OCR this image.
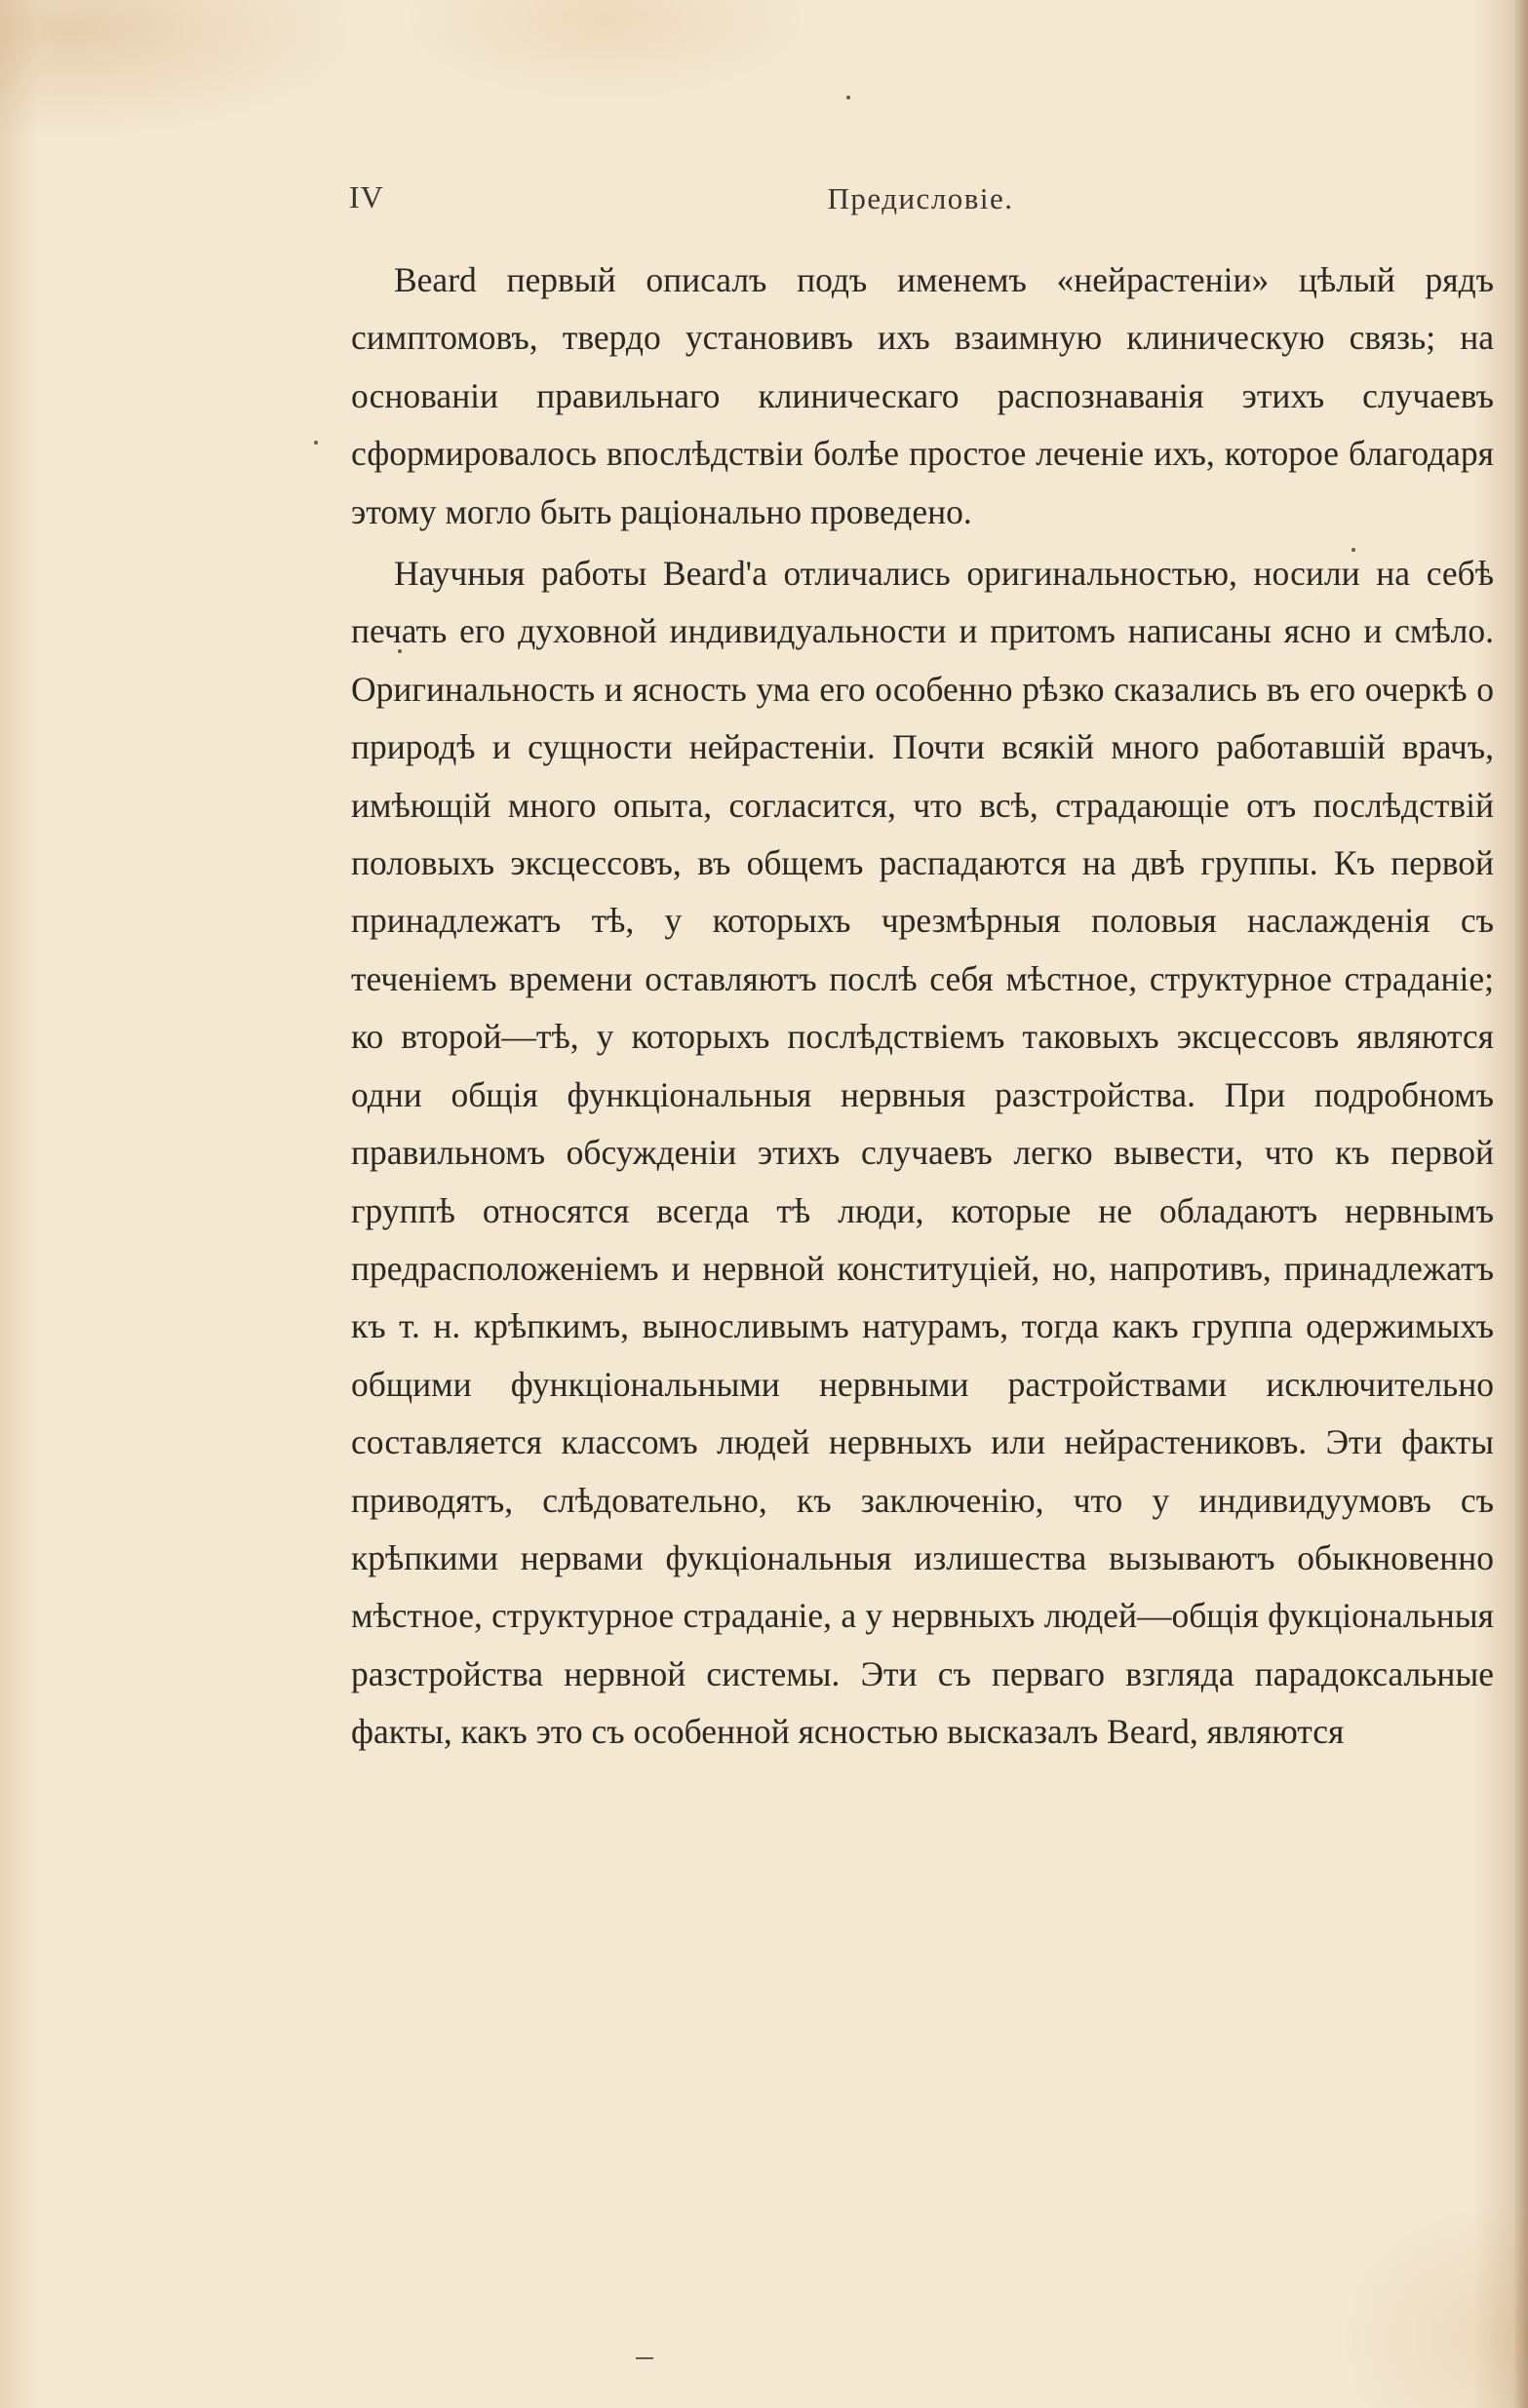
IV	Предисловіе.

Beard первый описалъ подъ именемъ «нейрастеніи» цѣлый рядъ симптомовъ, твердо установивъ ихъ взаимную клиническую связь; на основаніи правильнаго клиническаго распознаванія этихъ случаевъ сформировалось впослѣдствіи болѣе простое леченіе ихъ, которое благодаря этому могло быть раціонально проведено.

Научныя работы Beard'а отличались оригинальностью, носили на себѣ печать его духовной индивидуальности и притомъ написаны ясно и смѣло. Оригинальность и ясность ума его особенно рѣзко сказались въ его очеркѣ о природѣ и сущности нейрастеніи. Почти всякій много работавшій врачъ, имѣющій много опыта, согласится, что всѣ, страдающіе отъ послѣдствій половыхъ эксцессовъ, въ общемъ распадаются на двѣ группы. Къ первой принадлежатъ тѣ, у которыхъ чрезмѣрныя половыя наслажденія съ теченіемъ времени оставляютъ послѣ себя мѣстное, структурное страданіе; ко второй—тѣ, у которыхъ послѣдствіемъ таковыхъ эксцессовъ являются одни общія функціональныя нервныя разстройства. При подробномъ правильномъ обсужденіи этихъ случаевъ легко вывести, что къ первой группѣ относятся всегда тѣ люди, которые не обладаютъ нервнымъ предрасположеніемъ и нервной конституціей, но, напротивъ, принадлежатъ къ т. н. крѣпкимъ, выносливымъ натурамъ, тогда какъ группа одержимыхъ общими функціональными нервными растройствами исключительно составляется классомъ людей нервныхъ или нейрастениковъ. Эти факты приводятъ, слѣдовательно, къ заключенію, что у индивидуумовъ съ крѣпкими нервами фукціональныя излишества вызываютъ обыкновенно мѣстное, структурное страданіе, а у нервныхъ людей—общія фукціональныя разстройства нервной системы. Эти съ перваго взгляда парадоксальные факты, какъ это съ особенной ясностью высказалъ Beard, являются
